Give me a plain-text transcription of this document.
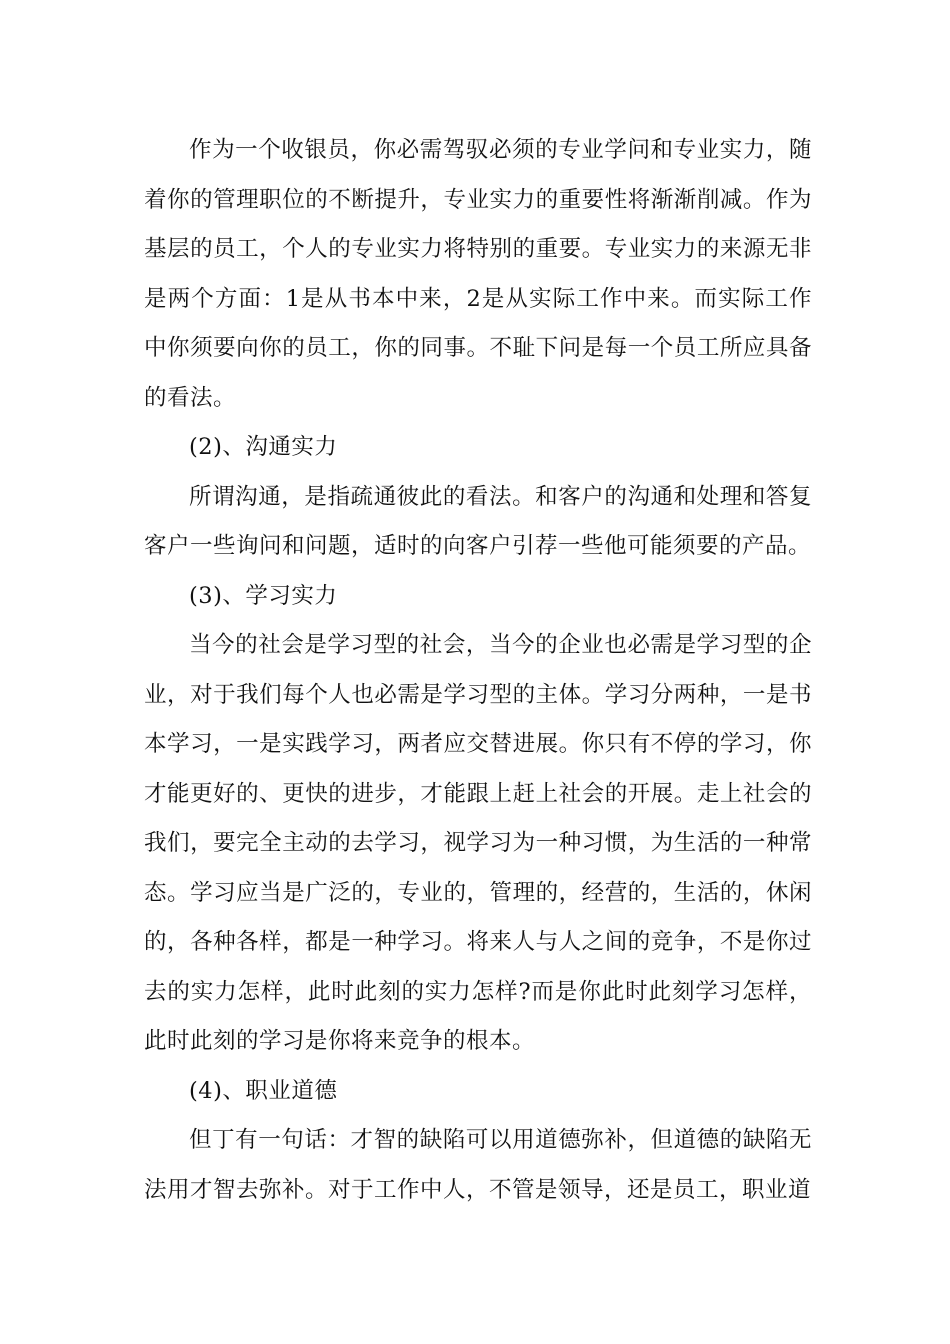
作为一个收银员，你必需驾驭必须的专业学问和专业实力，随着你的管理职位的不断提升，专业实力的重要性将渐渐削减。作为基层的员工，个人的专业实力将特别的重要。专业实力的来源无非是两个方面：1是从书本中来，2是从实际工作中来。而实际工作中你须要向你的员工，你的同事。不耻下问是每一个员工所应具备的看法。

(2)、沟通实力

所谓沟通，是指疏通彼此的看法。和客户的沟通和处理和答复客户一些询问和问题，适时的向客户引荐一些他可能须要的产品。

(3)、学习实力

当今的社会是学习型的社会，当今的企业也必需是学习型的企业，对于我们每个人也必需是学习型的主体。学习分两种，一是书本学习，一是实践学习，两者应交替进展。你只有不停的学习，你才能更好的、更快的进步，才能跟上赶上社会的开展。走上社会的我们，要完全主动的去学习，视学习为一种习惯，为生活的一种常态。学习应当是广泛的，专业的，管理的，经营的，生活的，休闲的，各种各样，都是一种学习。将来人与人之间的竞争，不是你过去的实力怎样，此时此刻的实力怎样?而是你此时此刻学习怎样，此时此刻的学习是你将来竞争的根本。

(4)、职业道德

但丁有一句话：才智的缺陷可以用道德弥补，但道德的缺陷无法用才智去弥补。对于工作中人，不管是领导，还是员工，职业道
